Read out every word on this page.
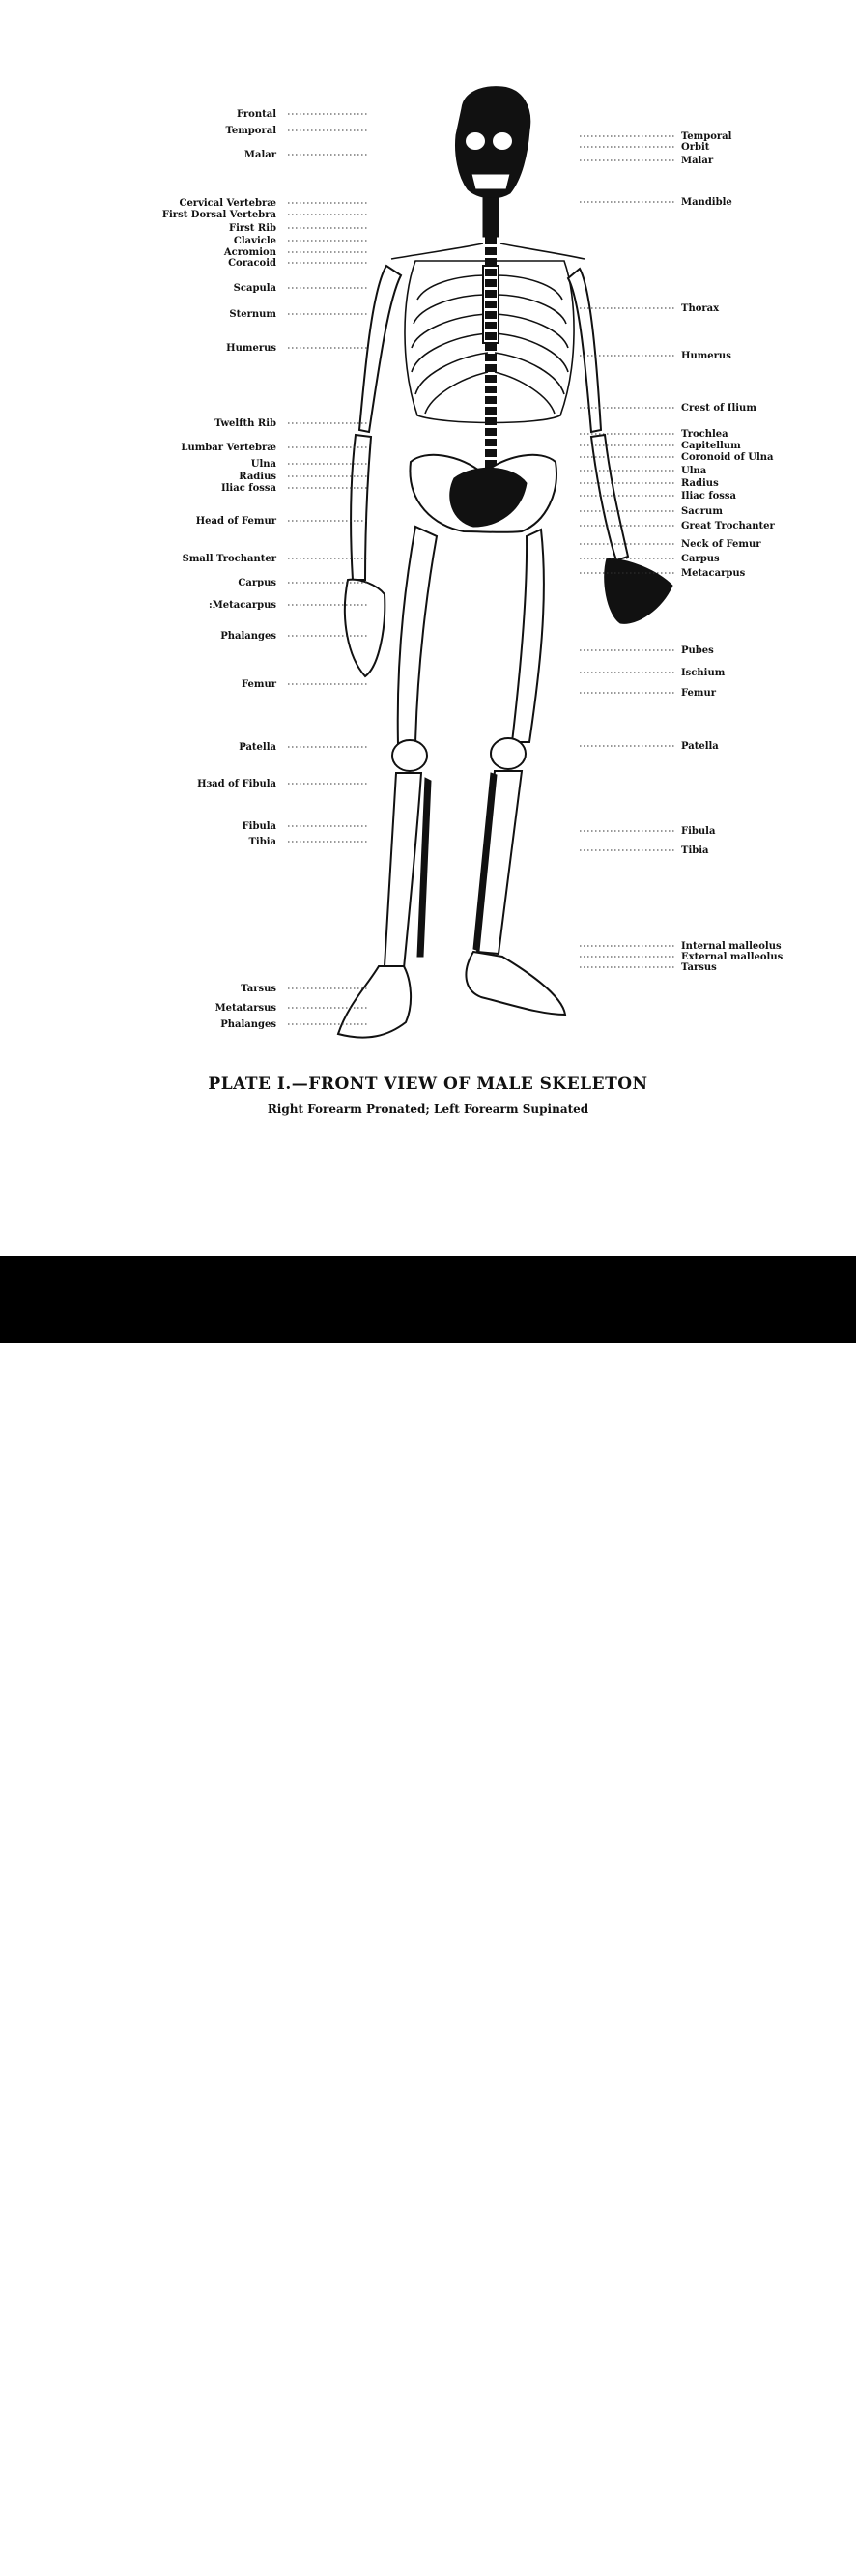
Frontal
Temporal
Malar
Cervical Vertebræ
First Dorsal Vertebra
First Rib
Clavicle
Acromion
Coracoid
Scapula
Sternum
Humerus
Twelfth Rib
Lumbar Vertebræ
Ulna
Radius
Iliac fossa
Head of Femur
Small Trochanter
Carpus
:Metacarpus
Phalanges
Femur
Patella
Hɜad of Fibula
Fibula
Tibia
Tarsus
Metatarsus
Phalanges
Temporal
Orbit
Malar
Mandible
Thorax
Humerus
Crest of Ilium
Trochlea
Capitellum
Coronoid of Ulna
Ulna
Radius
Iliac fossa
Sacrum
Great Trochanter
Neck of Femur
Carpus
Metacarpus
Pubes
Ischium
Femur
Patella
Fibula
Tibia
Internal malleolus
External malleolus
Tarsus
PLATE I.—FRONT VIEW OF MALE SKELETON
Right Forearm Pronated; Left Forearm Supinated
alamy	Image ID: 2E22F3W
www.alamy.com
